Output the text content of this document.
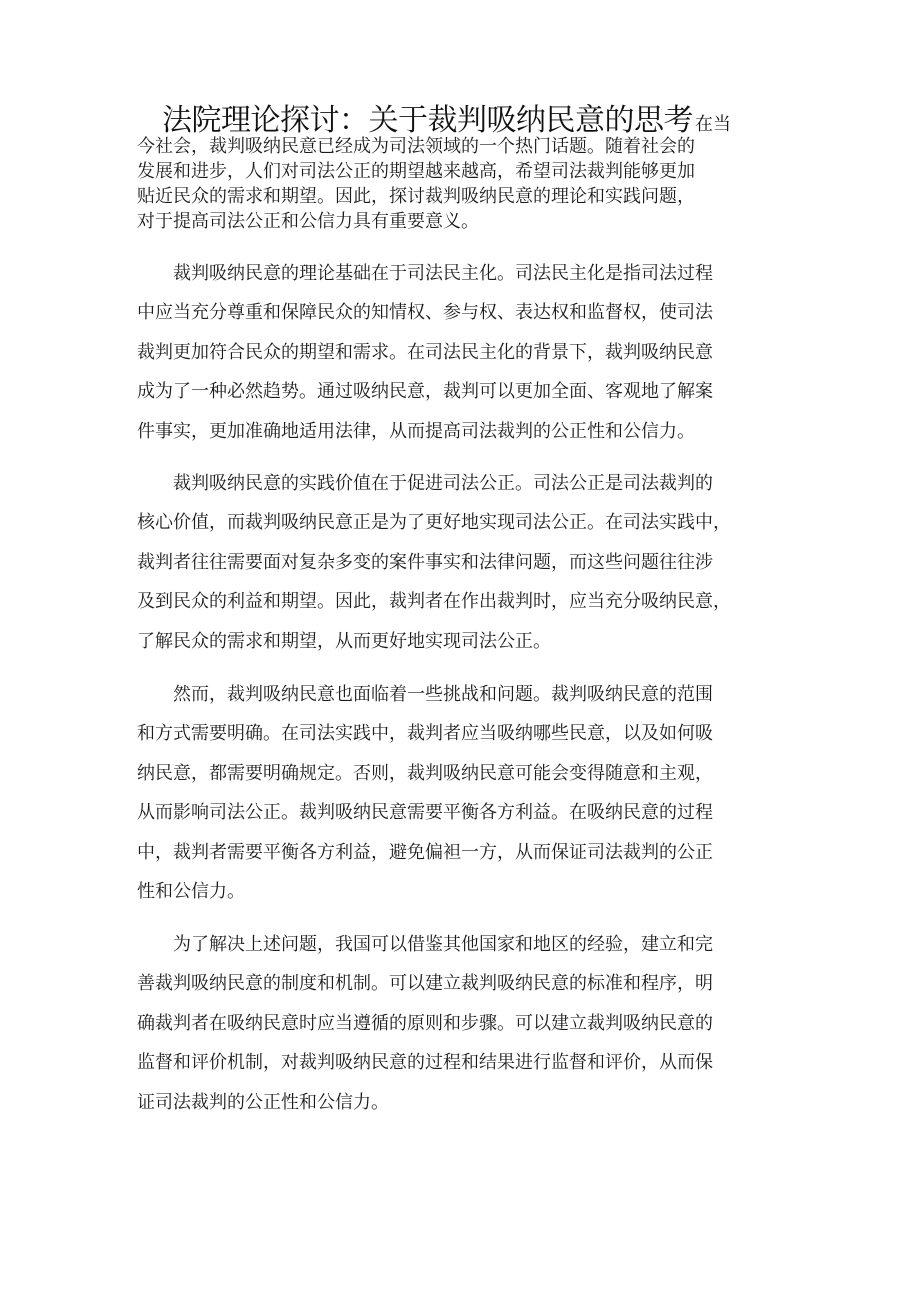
法院理论探讨：关于裁判吸纳民意的思考 在当

今社会，裁判吸纳民意已经成为司法领域的一个热门话题。随着社会的
发展和进步，人们对司法公正的期望越来越高，希望司法裁判能够更加
贴近民众的需求和期望。因此，探讨裁判吸纳民意的理论和实践问题，
对于提高司法公正和公信力具有重要意义。

裁判吸纳民意的理论基础在于司法民主化。司法民主化是指司法过程
中应当充分尊重和保障民众的知情权、参与权、表达权和监督权，使司法
裁判更加符合民众的期望和需求。在司法民主化的背景下，裁判吸纳民意
成为了一种必然趋势。通过吸纳民意，裁判可以更加全面、客观地了解案
件事实，更加准确地适用法律，从而提高司法裁判的公正性和公信力。

裁判吸纳民意的实践价值在于促进司法公正。司法公正是司法裁判的
核心价值，而裁判吸纳民意正是为了更好地实现司法公正。在司法实践中，
裁判者往往需要面对复杂多变的案件事实和法律问题，而这些问题往往涉
及到民众的利益和期望。因此，裁判者在作出裁判时，应当充分吸纳民意，
了解民众的需求和期望，从而更好地实现司法公正。

然而，裁判吸纳民意也面临着一些挑战和问题。裁判吸纳民意的范围
和方式需要明确。在司法实践中，裁判者应当吸纳哪些民意，以及如何吸
纳民意，都需要明确规定。否则，裁判吸纳民意可能会变得随意和主观，
从而影响司法公正。裁判吸纳民意需要平衡各方利益。在吸纳民意的过程
中，裁判者需要平衡各方利益，避免偏袒一方，从而保证司法裁判的公正
性和公信力。

为了解决上述问题，我国可以借鉴其他国家和地区的经验，建立和完
善裁判吸纳民意的制度和机制。可以建立裁判吸纳民意的标准和程序，明
确裁判者在吸纳民意时应当遵循的原则和步骤。可以建立裁判吸纳民意的
监督和评价机制，对裁判吸纳民意的过程和结果进行监督和评价，从而保
证司法裁判的公正性和公信力。
